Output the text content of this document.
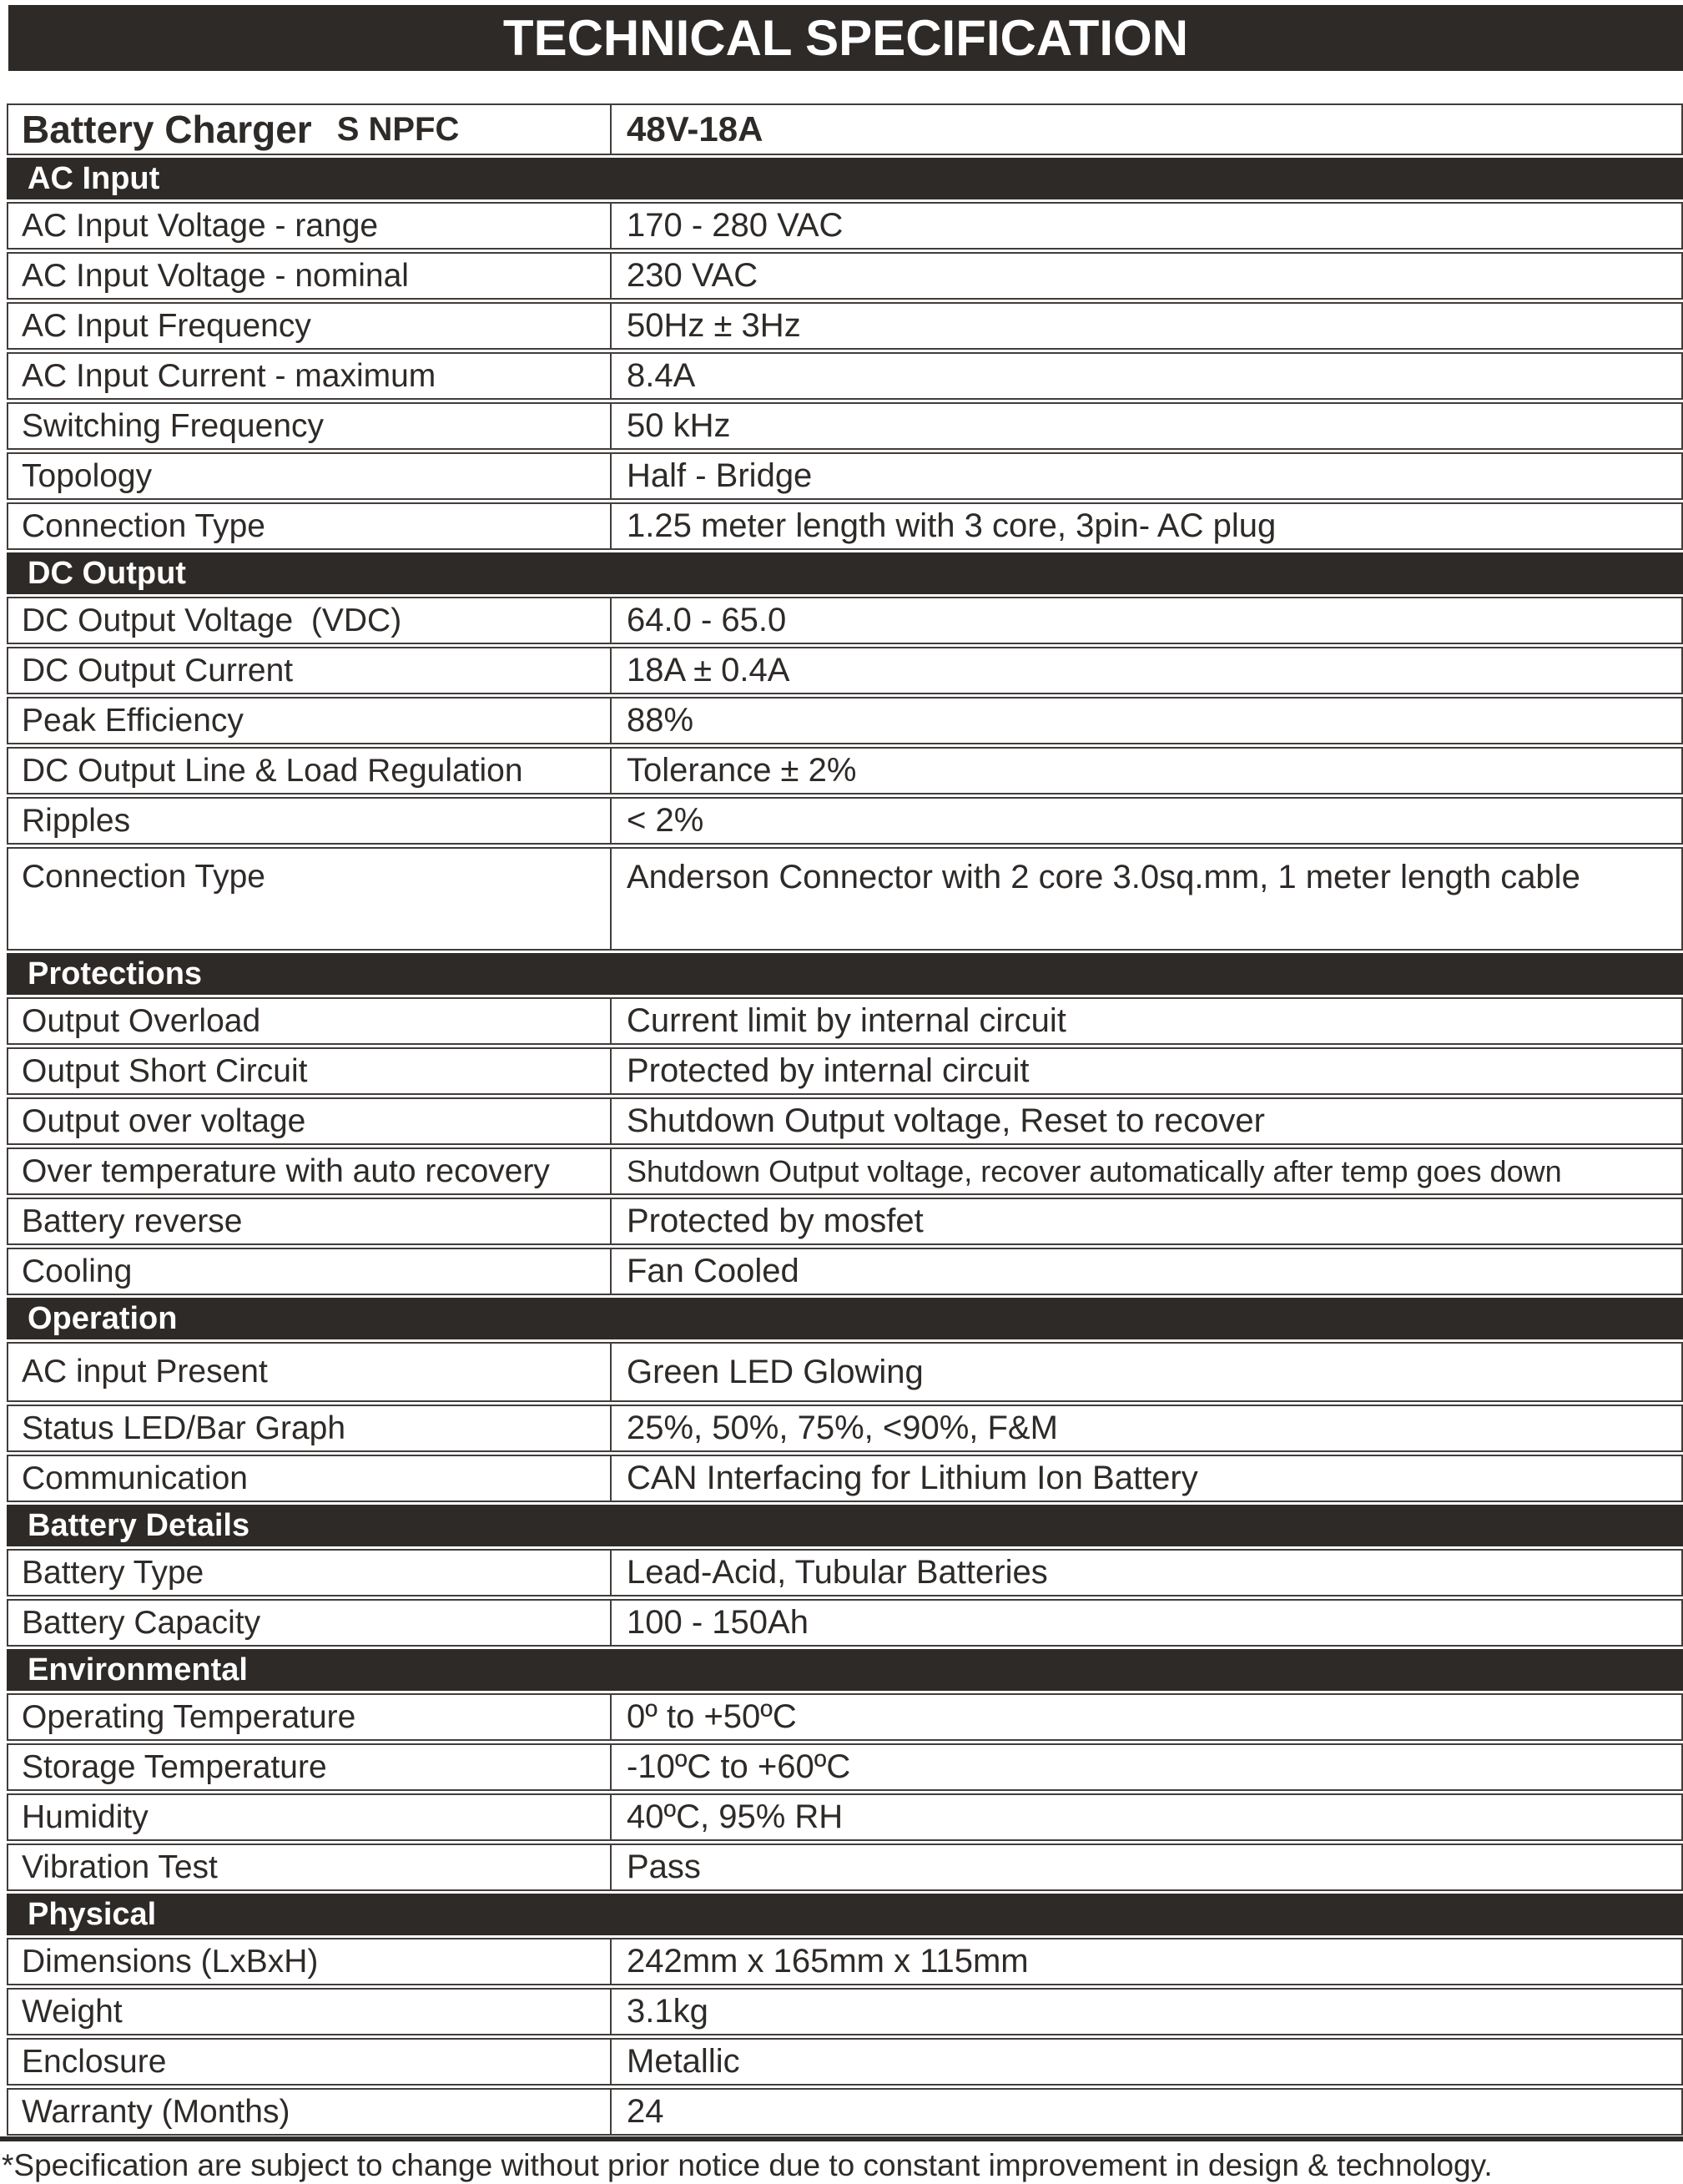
TECHNICAL SPECIFICATION
Battery Charger S NPFC	48V-18A
AC Input
AC Input Voltage - range	170 - 280 VAC
AC Input Voltage - nominal	230 VAC
AC Input Frequency	50Hz ± 3Hz
AC Input Current - maximum	8.4A
Switching Frequency	50 kHz
Topology	Half - Bridge
Connection Type	1.25 meter length with 3 core, 3pin- AC plug
DC Output
DC Output Voltage  (VDC)	64.0 - 65.0
DC Output Current	18A ± 0.4A
Peak Efficiency	88%
DC Output Line & Load Regulation	Tolerance ± 2%
Ripples	< 2%
Connection Type	Anderson Connector with 2 core 3.0sq.mm, 1 meter length cable
Protections
Output Overload	Current limit by internal circuit
Output Short Circuit	Protected by internal circuit
Output over voltage	Shutdown Output voltage, Reset to recover
Over temperature with auto recovery	Shutdown Output voltage, recover automatically after temp goes down
Battery reverse	Protected by mosfet
Cooling	Fan Cooled
Operation
AC input Present	Green LED Glowing
Status LED/Bar Graph	25%, 50%, 75%, <90%, F&M
Communication	CAN Interfacing for Lithium Ion Battery
Battery Details
Battery Type	Lead-Acid, Tubular Batteries
Battery Capacity	100 - 150Ah
Environmental
Operating Temperature	0º to +50ºC
Storage Temperature	-10ºC to +60ºC
Humidity	40ºC, 95% RH
Vibration Test	Pass
Physical
Dimensions (LxBxH)	242mm x 165mm x 115mm
Weight	3.1kg
Enclosure	Metallic
Warranty (Months)	24
*Specification are subject to change without prior notice due to constant improvement in design & technology.
